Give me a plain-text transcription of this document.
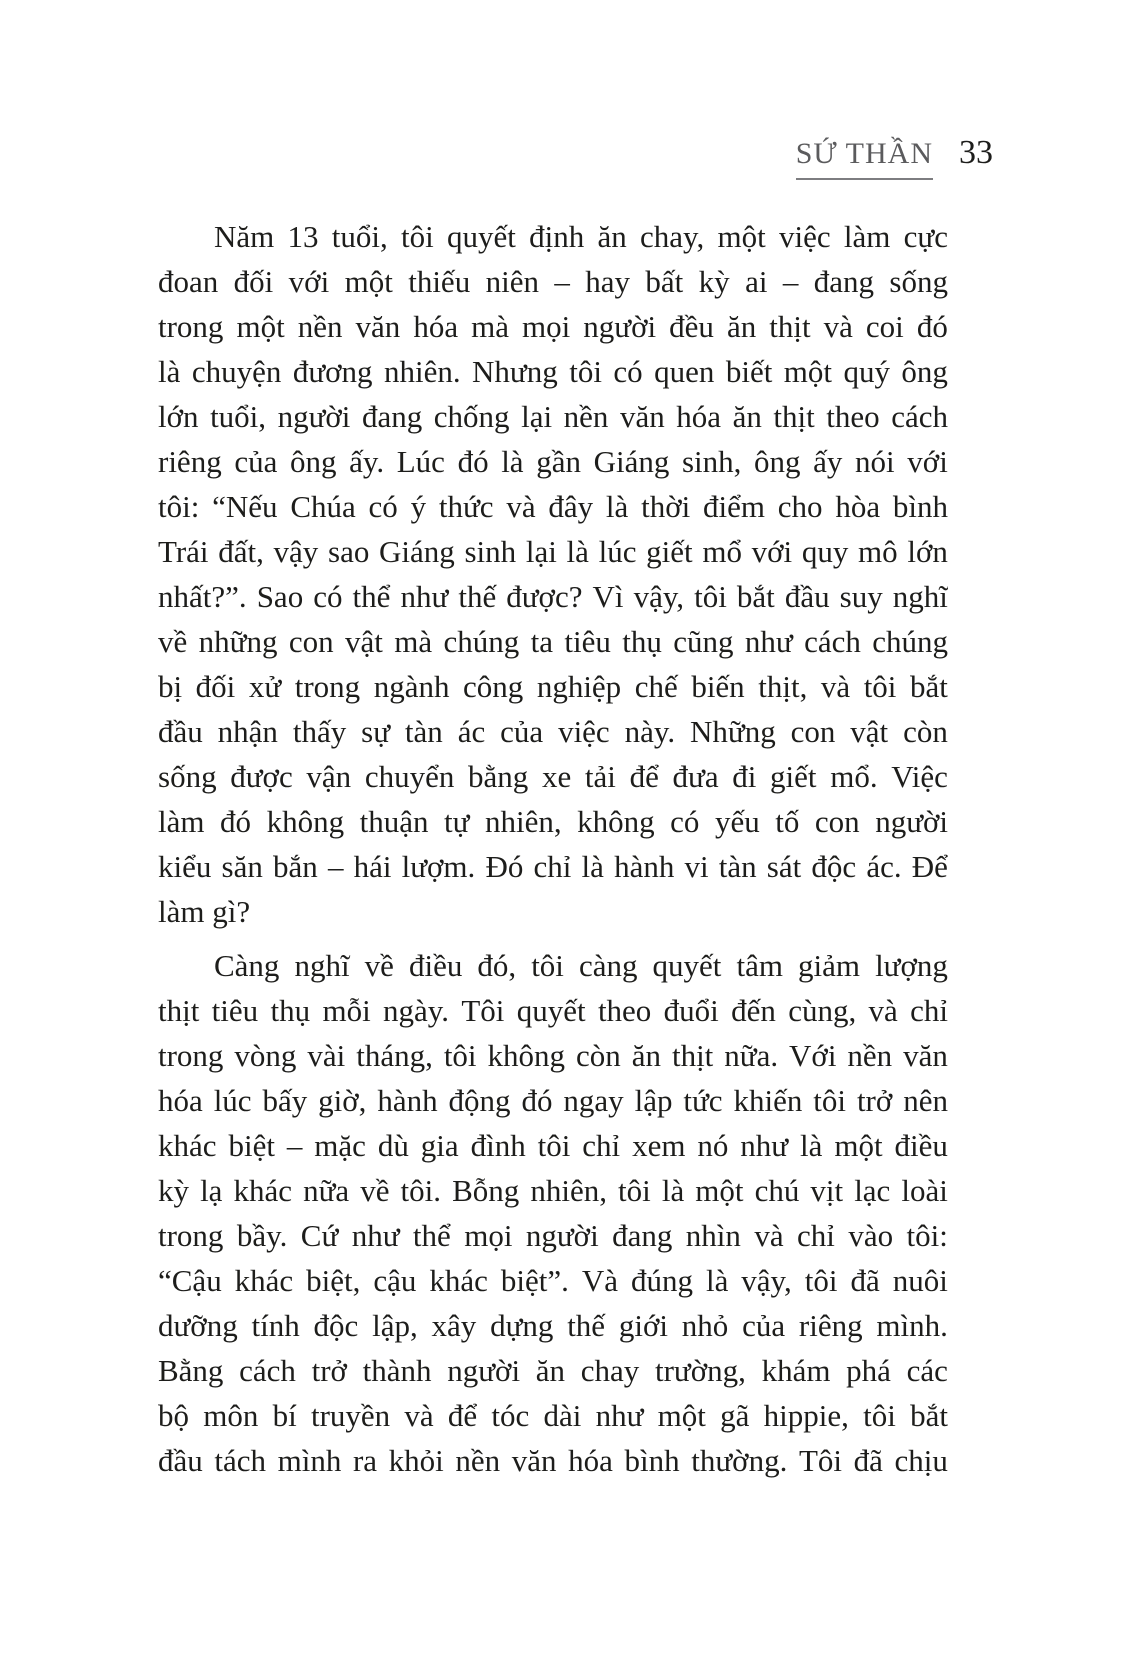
SỨ THẦN 33
Năm 13 tuổi, tôi quyết định ăn chay, một việc làm cực
đoan đối với một thiếu niên – hay bất kỳ ai – đang sống
trong một nền văn hóa mà mọi người đều ăn thịt và coi đó
là chuyện đương nhiên. Nhưng tôi có quen biết một quý ông
lớn tuổi, người đang chống lại nền văn hóa ăn thịt theo cách
riêng của ông ấy. Lúc đó là gần Giáng sinh, ông ấy nói với
tôi: “Nếu Chúa có ý thức và đây là thời điểm cho hòa bình
Trái đất, vậy sao Giáng sinh lại là lúc giết mổ với quy mô lớn
nhất?”. Sao có thể như thế được? Vì vậy, tôi bắt đầu suy nghĩ
về những con vật mà chúng ta tiêu thụ cũng như cách chúng
bị đối xử trong ngành công nghiệp chế biến thịt, và tôi bắt
đầu nhận thấy sự tàn ác của việc này. Những con vật còn
sống được vận chuyển bằng xe tải để đưa đi giết mổ. Việc
làm đó không thuận tự nhiên, không có yếu tố con người
kiểu săn bắn – hái lượm. Đó chỉ là hành vi tàn sát độc ác. Để
làm gì?
Càng nghĩ về điều đó, tôi càng quyết tâm giảm lượng
thịt tiêu thụ mỗi ngày. Tôi quyết theo đuổi đến cùng, và chỉ
trong vòng vài tháng, tôi không còn ăn thịt nữa. Với nền văn
hóa lúc bấy giờ, hành động đó ngay lập tức khiến tôi trở nên
khác biệt – mặc dù gia đình tôi chỉ xem nó như là một điều
kỳ lạ khác nữa về tôi. Bỗng nhiên, tôi là một chú vịt lạc loài
trong bầy. Cứ như thể mọi người đang nhìn và chỉ vào tôi:
“Cậu khác biệt, cậu khác biệt”. Và đúng là vậy, tôi đã nuôi
dưỡng tính độc lập, xây dựng thế giới nhỏ của riêng mình.
Bằng cách trở thành người ăn chay trường, khám phá các
bộ môn bí truyền và để tóc dài như một gã hippie, tôi bắt
đầu tách mình ra khỏi nền văn hóa bình thường. Tôi đã chịu
